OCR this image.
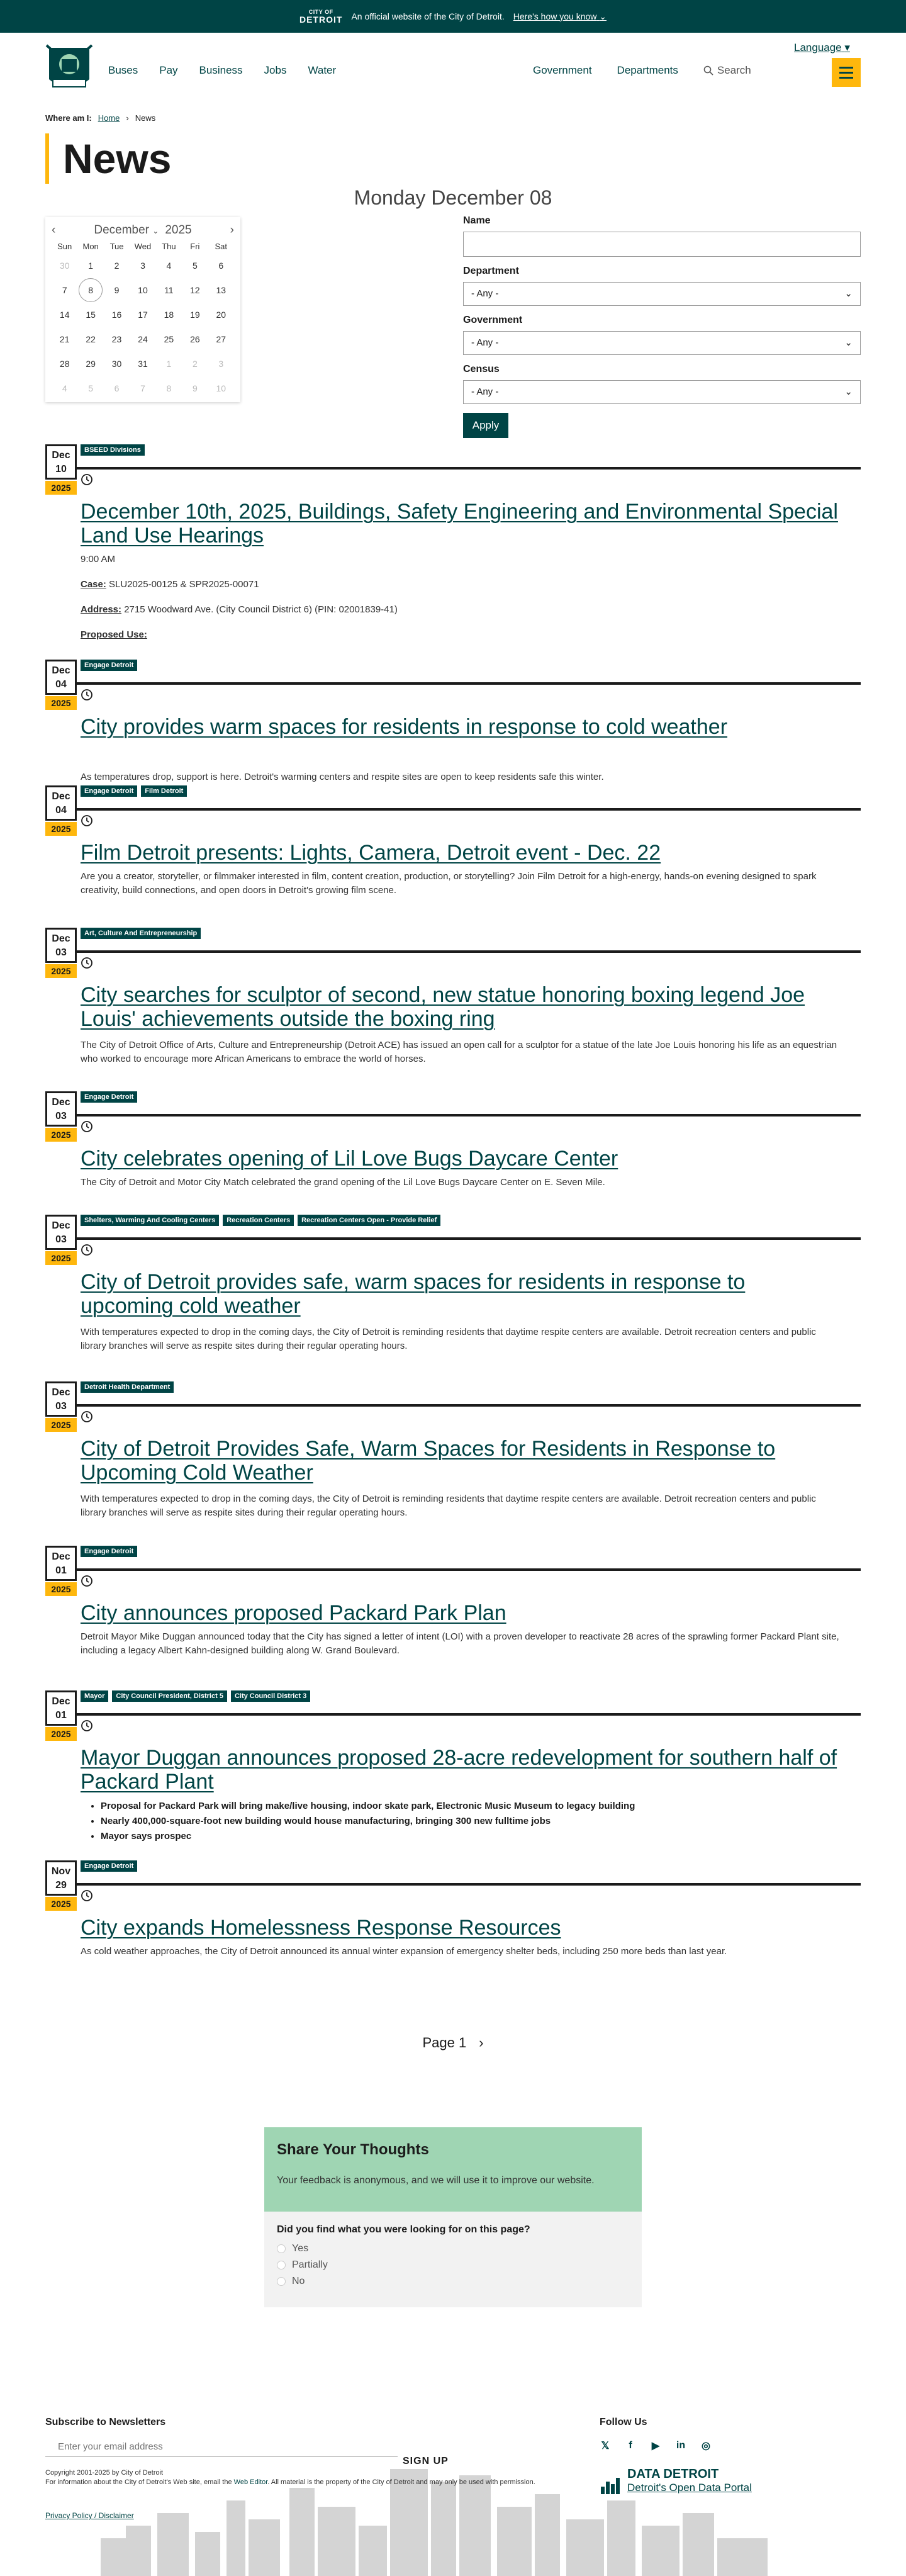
CITY OF
DETROIT An official website of the City of Detroit. Here's how you know ⌄
Buses Pay Business Jobs Water	Government Departments	Search
Language ▾
Where am I: Home › News
News
Monday December 08
‹	December ⌄ 2025	›
Sun	Mon	Tue	Wed	Thu	Fri	Sat
30	1	2	3	4	5	6
7	8	9	10	11	12	13
14	15	16	17	18	19	20
21	22	23	24	25	26	27
28	29	30	31	1	2	3
4	5	6	7	8	9	10
Name
Department
- Any -	⌄
Government
- Any -	⌄
Census
- Any -	⌄
Apply
Dec
10
2025
BSEED Divisions
December 10th, 2025, Buildings, Safety Engineering and Environmental Special Land Use Hearings
9:00 AM
Case: SLU2025-00125 & SPR2025-00071
Address: 2715 Woodward Ave. (City Council District 6) (PIN: 02001839-41)
Proposed Use:
Dec
04
2025
Engage Detroit
City provides warm spaces for residents in response to cold weather
As temperatures drop, support is here. Detroit's warming centers and respite sites are open to keep residents safe this winter.
Dec
04
2025
Engage Detroit	Film Detroit
Film Detroit presents: Lights, Camera, Detroit event - Dec. 22
Are you a creator, storyteller, or filmmaker interested in film, content creation, production, or storytelling? Join Film Detroit for a high-energy, hands-on evening designed to spark creativity, build connections, and open doors in Detroit's growing film scene.
Dec
03
2025
Art, Culture And Entrepreneurship
City searches for sculptor of second, new statue honoring boxing legend Joe Louis' achievements outside the boxing ring
The City of Detroit Office of Arts, Culture and Entrepreneurship (Detroit ACE) has issued an open call for a sculptor for a statue of the late Joe Louis honoring his life as an equestrian who worked to encourage more African Americans to embrace the world of horses.
Dec
03
2025
Engage Detroit
City celebrates opening of Lil Love Bugs Daycare Center
The City of Detroit and Motor City Match celebrated the grand opening of the Lil Love Bugs Daycare Center on E. Seven Mile.
Dec
03
2025
Shelters, Warming And Cooling Centers	Recreation Centers	Recreation Centers Open - Provide Relief
City of Detroit provides safe, warm spaces for residents in response to upcoming cold weather
With temperatures expected to drop in the coming days, the City of Detroit is reminding residents that daytime respite centers are available. Detroit recreation centers and public library branches will serve as respite sites during their regular operating hours.
Dec
03
2025
Detroit Health Department
City of Detroit Provides Safe, Warm Spaces for Residents in Response to Upcoming Cold Weather
With temperatures expected to drop in the coming days, the City of Detroit is reminding residents that daytime respite centers are available. Detroit recreation centers and public library branches will serve as respite sites during their regular operating hours.
Dec
01
2025
Engage Detroit
City announces proposed Packard Park Plan
Detroit Mayor Mike Duggan announced today that the City has signed a letter of intent (LOI) with a proven developer to reactivate 28 acres of the sprawling former Packard Plant site, including a legacy Albert Kahn-designed building along W. Grand Boulevard.
Dec
01
2025
Mayor	City Council President, District 5	City Council District 3
Mayor Duggan announces proposed 28-acre redevelopment for southern half of Packard Plant
• Proposal for Packard Park will bring make/live housing, indoor skate park, Electronic Music Museum to legacy building
• Nearly 400,000-square-foot new building would house manufacturing, bringing 300 new fulltime jobs
• Mayor says prospec
Nov
29
2025
Engage Detroit
City expands Homelessness Response Resources
As cold weather approaches, the City of Detroit announced its annual winter expansion of emergency shelter beds, including 250 more beds than last year.
Page 1 ›
Share Your Thoughts

Your feedback is anonymous, and we will use it to improve our website.

Did you find what you were looking for on this page?
Yes
Partially
No
Subscribe to Newsletters
Enter your email address
SIGN UP
Copyright 2001-2025 by City of Detroit
For information about the City of Detroit's Web site, email the Web Editor. All material is the property of the City of Detroit and may only be used with permission.
Privacy Policy / Disclaimer
Follow Us
𝕏	f	▶ in ◎
DATA DETROIT
Detroit's Open Data Portal
